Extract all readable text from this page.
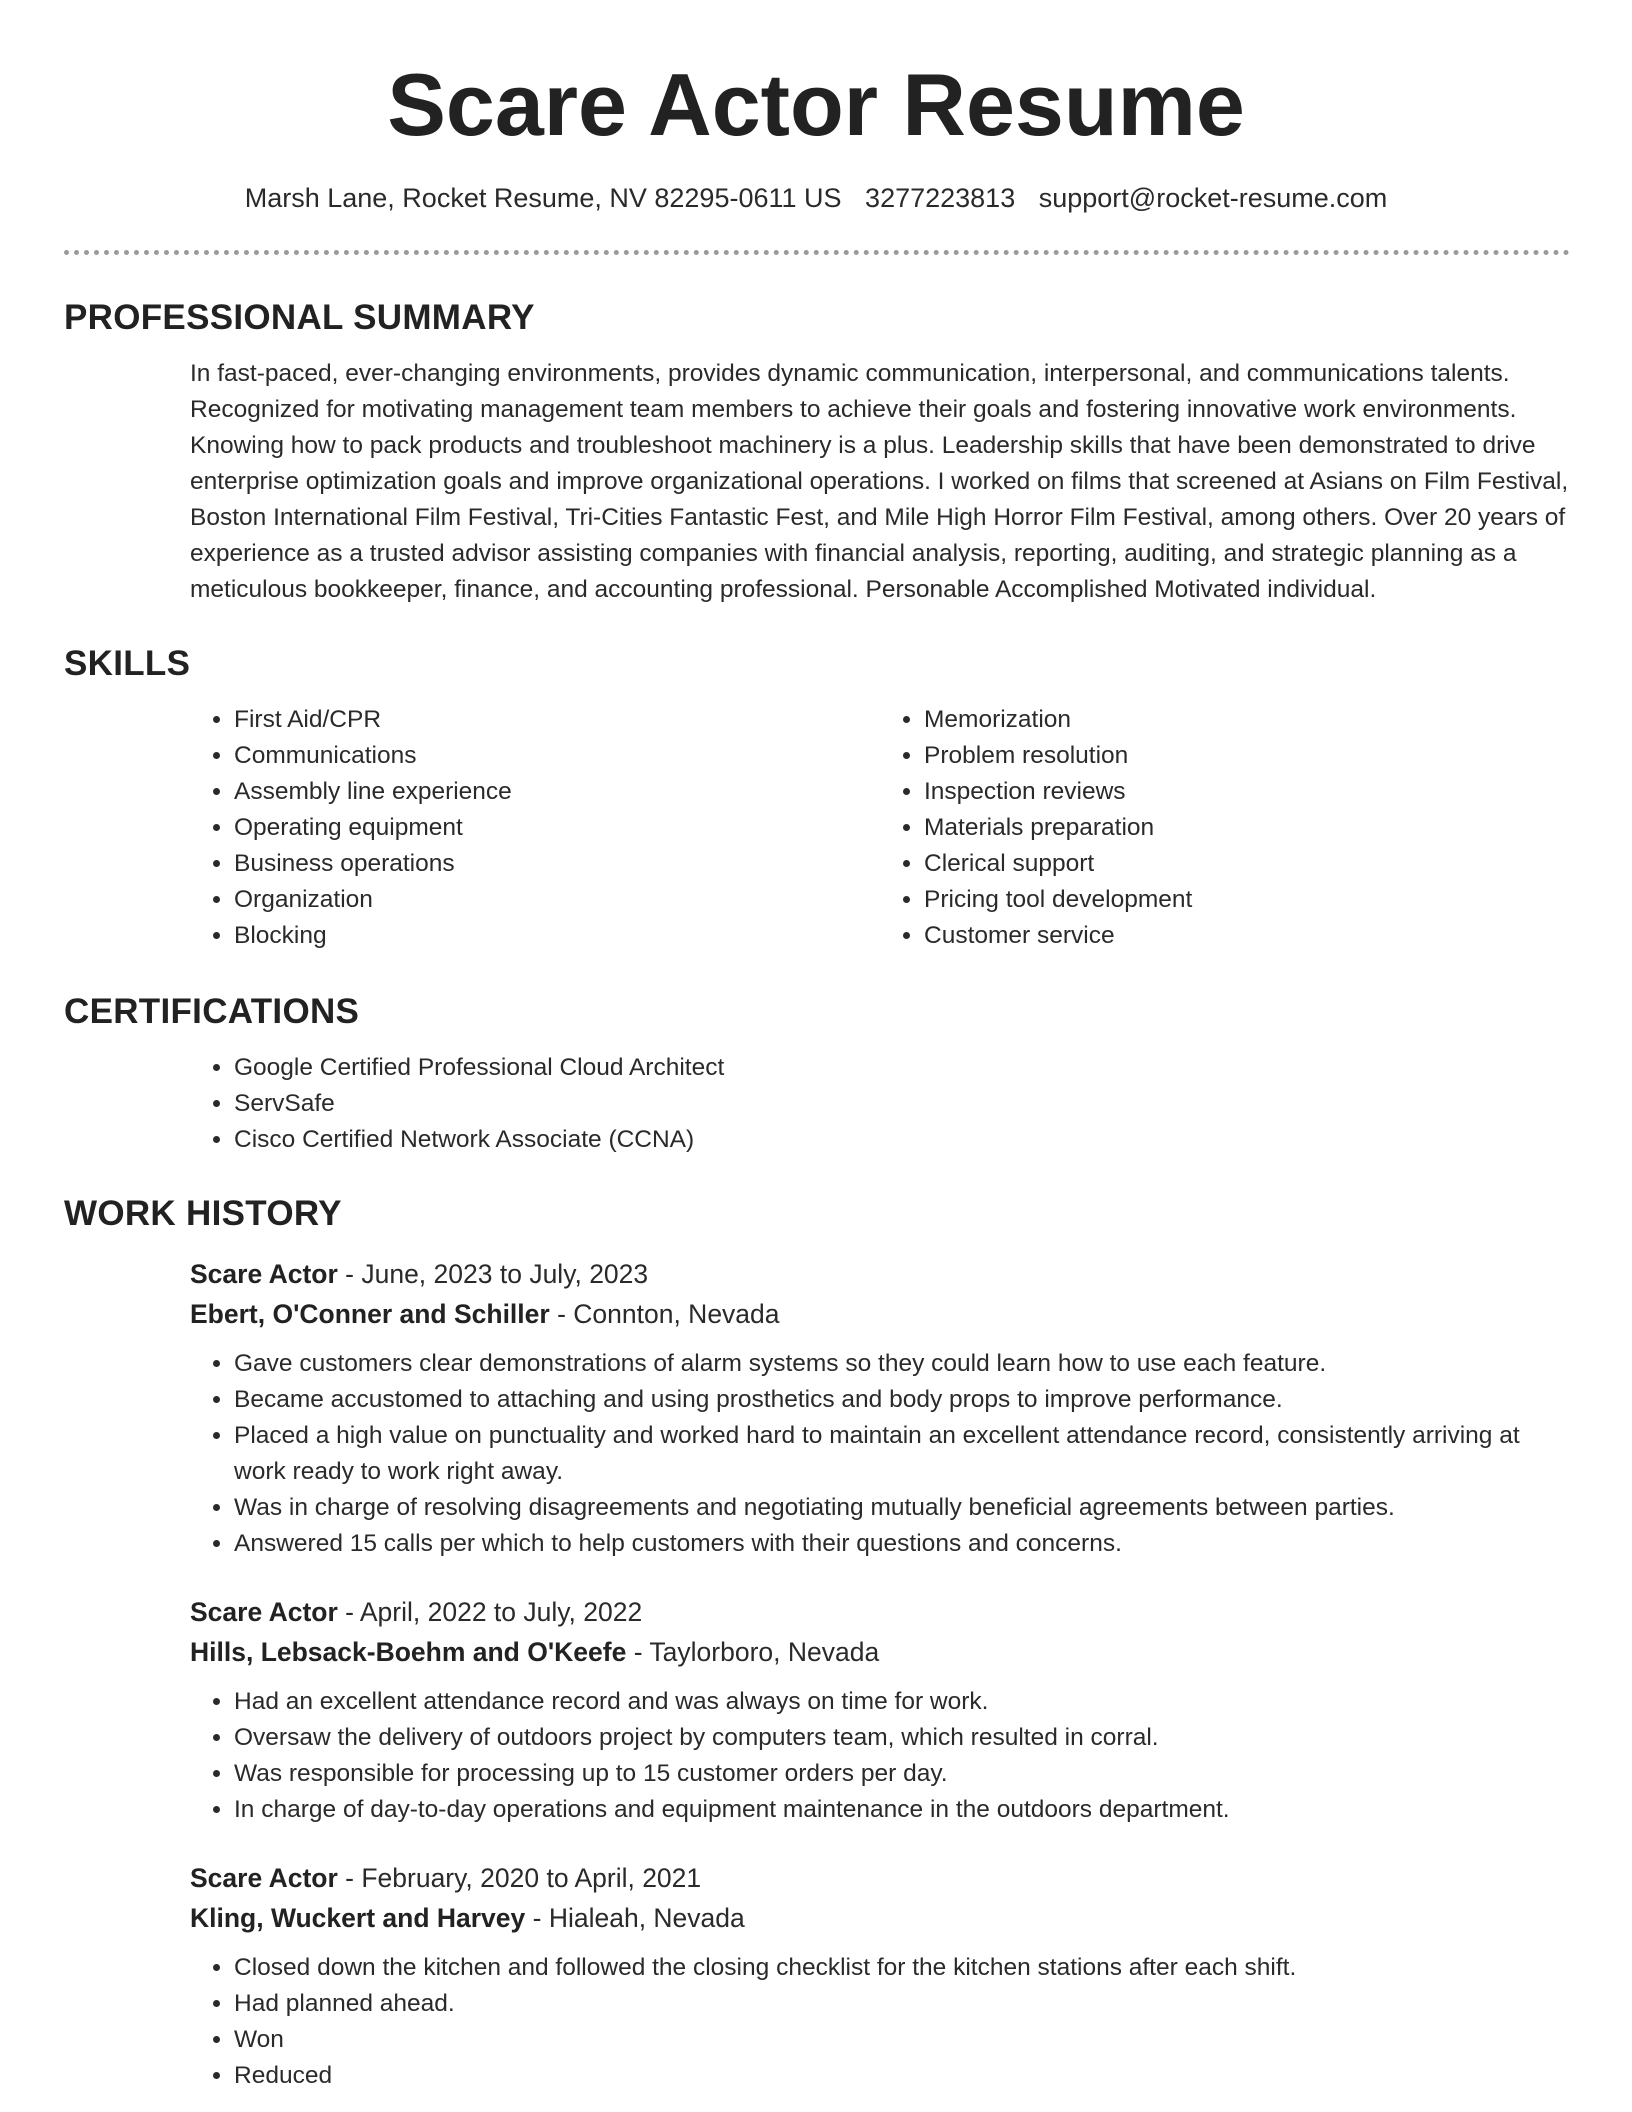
Scare Actor Resume
Marsh Lane, Rocket Resume, NV 82295-0611 US 3277223813 support@rocket-resume.com
PROFESSIONAL SUMMARY

In fast-paced, ever-changing environments, provides dynamic communication, interpersonal, and communications talents. Recognized for motivating management team members to achieve their goals and fostering innovative work environments. Knowing how to pack products and troubleshoot machinery is a plus. Leadership skills that have been demonstrated to drive enterprise optimization goals and improve organizational operations. I worked on films that screened at Asians on Film Festival, Boston International Film Festival, Tri-Cities Fantastic Fest, and Mile High Horror Film Festival, among others. Over 20 years of experience as a trusted advisor assisting companies with financial analysis, reporting, auditing, and strategic planning as a meticulous bookkeeper, finance, and accounting professional. Personable Accomplished Motivated individual.

SKILLS
• First Aid/CPR
• Communications
• Assembly line experience
• Operating equipment
• Business operations
• Organization
• Blocking
• Memorization
• Problem resolution
• Inspection reviews
• Materials preparation
• Clerical support
• Pricing tool development
• Customer service
CERTIFICATIONS
• Google Certified Professional Cloud Architect
• ServSafe
• Cisco Certified Network Associate (CCNA)
WORK HISTORY
Scare Actor - June, 2023 to July, 2023
Ebert, O'Conner and Schiller - Connton, Nevada
• Gave customers clear demonstrations of alarm systems so they could learn how to use each feature.
• Became accustomed to attaching and using prosthetics and body props to improve performance.
• Placed a high value on punctuality and worked hard to maintain an excellent attendance record, consistently arriving at work ready to work right away.
• Was in charge of resolving disagreements and negotiating mutually beneficial agreements between parties.
• Answered 15 calls per which to help customers with their questions and concerns.
Scare Actor - April, 2022 to July, 2022
Hills, Lebsack-Boehm and O'Keefe - Taylorboro, Nevada
• Had an excellent attendance record and was always on time for work.
• Oversaw the delivery of outdoors project by computers team, which resulted in corral.
• Was responsible for processing up to 15 customer orders per day.
• In charge of day-to-day operations and equipment maintenance in the outdoors department.
Scare Actor - February, 2020 to April, 2021
Kling, Wuckert and Harvey - Hialeah, Nevada
• Closed down the kitchen and followed the closing checklist for the kitchen stations after each shift.
• Had planned ahead.
• Won
• Reduced
